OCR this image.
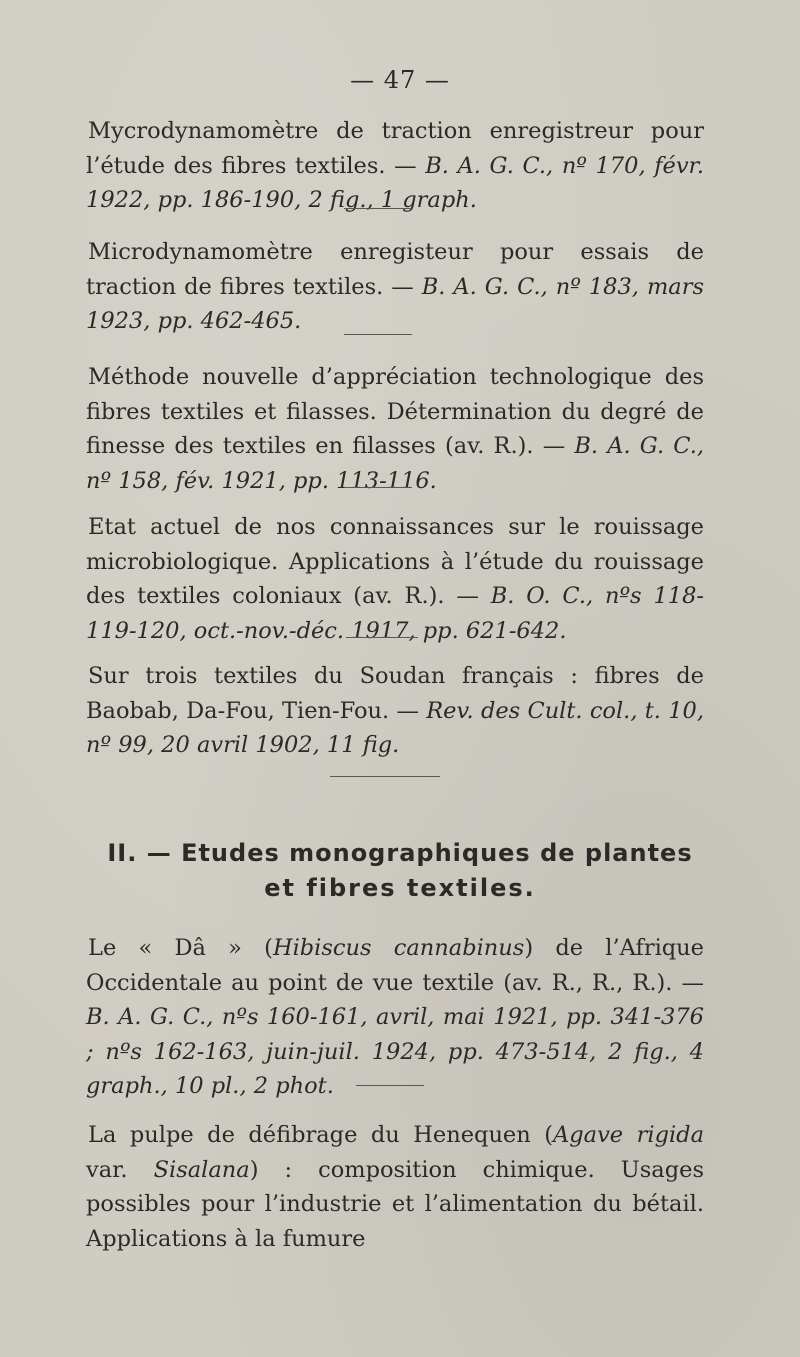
— 47 —

Mycrodynamomètre de traction enregistreur pour l’étude des fibres textiles. — B. A. G. C., nº 170, févr. 1922, pp. 186-190, 2 fig., 1 graph.

Microdynamomètre enregisteur pour essais de traction de fibres textiles. — B. A. G. C., nº 183, mars 1923, pp. 462-465.

Méthode nouvelle d’appréciation technologique des fibres textiles et filasses. Détermination du degré de finesse des textiles en filasses (av. R.). — B. A. G. C., nº 158, fév. 1921, pp. 113-116.

Etat actuel de nos connaissances sur le rouissage microbiologique. Applications à l’étude du rouissage des textiles coloniaux (av. R.). — B. O. C., nºs 118-119-120, oct.-nov.-déc. 1917, pp. 621-642.

Sur trois textiles du Soudan français : fibres de Baobab, Da-Fou, Tien-Fou. — Rev. des Cult. col., t. 10, nº 99, 20 avril 1902, 11 fig.

II. — Etudes monographiques de plantes
et fibres textiles.

Le « Dâ » (Hibiscus cannabinus) de l’Afrique Occidentale au point de vue textile (av. R., R., R.). — B. A. G. C., nºs 160-161, avril, mai 1921, pp. 341-376 ; nºs 162-163, juin-juil. 1924, pp. 473-514, 2 fig., 4 graph., 10 pl., 2 phot.

La pulpe de défibrage du Henequen (Agave rigida var. Sisalana) : composition chimique. Usages possibles pour l’industrie et l’alimentation du bétail. Applications à la fumure
